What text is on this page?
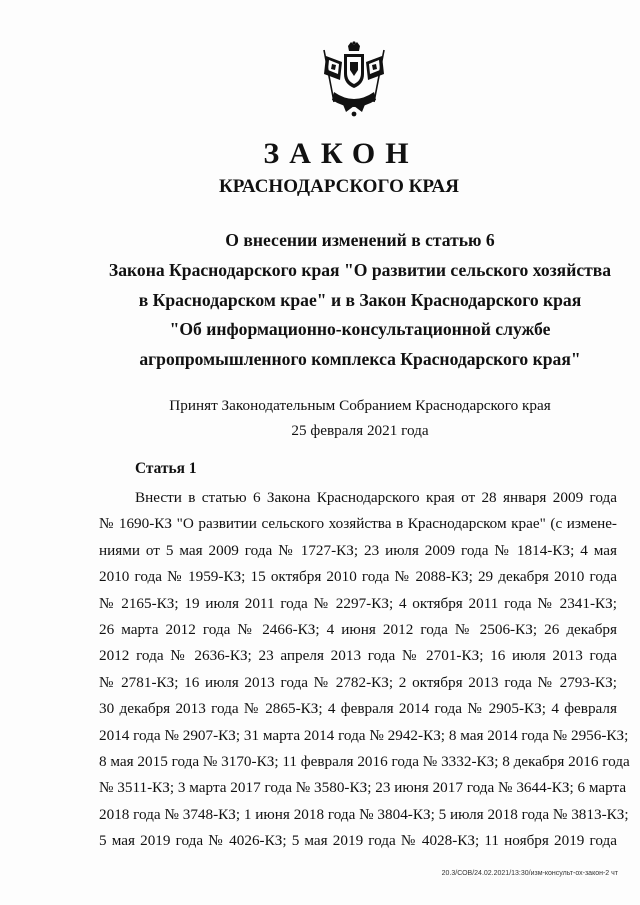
ЗАКОН
КРАСНОДАРСКОГО КРАЯ
О внесении изменений в статью 6
Закона Краснодарского края "О развитии сельского хозяйства
в Краснодарском крае" и в Закон Краснодарского края
"Об информационно-консультационной службе
агропромышленного комплекса Краснодарского края"
Принят Законодательным Собранием Краснодарского края
25 февраля 2021 года
Статья 1
Внести в статью 6 Закона Краснодарского края от 28 января 2009 года
№ 1690-КЗ "О развитии сельского хозяйства в Краснодарском крае" (с измене-
ниями от 5 мая 2009 года № 1727-КЗ; 23 июля 2009 года № 1814-КЗ; 4 мая
2010 года № 1959-КЗ; 15 октября 2010 года № 2088-КЗ; 29 декабря 2010 года
№ 2165-КЗ; 19 июля 2011 года № 2297-КЗ; 4 октября 2011 года № 2341-КЗ;
26 марта 2012 года № 2466-КЗ; 4 июня 2012 года № 2506-КЗ; 26 декабря
2012 года № 2636-КЗ; 23 апреля 2013 года № 2701-КЗ; 16 июля 2013 года
№ 2781-КЗ; 16 июля 2013 года № 2782-КЗ; 2 октября 2013 года № 2793-КЗ;
30 декабря 2013 года № 2865-КЗ; 4 февраля 2014 года № 2905-КЗ; 4 февраля
2014 года № 2907-КЗ; 31 марта 2014 года № 2942-КЗ; 8 мая 2014 года № 2956-КЗ;
8 мая 2015 года № 3170-КЗ; 11 февраля 2016 года № 3332-КЗ; 8 декабря 2016 года
№ 3511-КЗ; 3 марта 2017 года № 3580-КЗ; 23 июня 2017 года № 3644-КЗ; 6 марта
2018 года № 3748-КЗ; 1 июня 2018 года № 3804-КЗ; 5 июля 2018 года № 3813-КЗ;
5 мая 2019 года № 4026-КЗ; 5 мая 2019 года № 4028-КЗ; 11 ноября 2019 года
20.3/СОВ/24.02.2021/13:30/изм-консульт-ох-закон-2 чт
